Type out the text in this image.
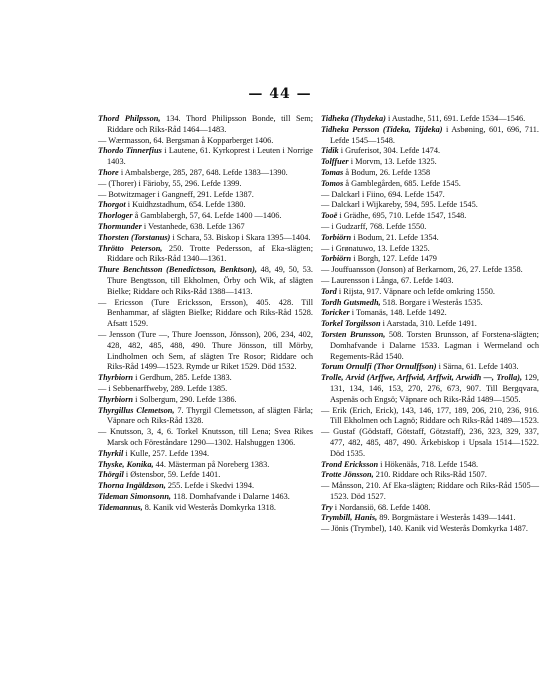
— 44 —

Thord Philpsson, 134. Thord Philipsson Bonde, till Sem; Riddare och Riks-Råd 1464—1483.

— Wærmasson, 64. Bergsman å Kopparberget 1406.

Thordo Tinnerfius i Lautene, 61. Kyrkoprest i Leuten i Norrige 1403.

Thore i Ambalsberge, 285, 287, 648. Lefde 1383—1390.

— (Thorer) i Färioby, 55, 296. Lefde 1399.

— Botwitzmager i Gangneff, 291. Lefde 1387.

Thorgot i Kuidhzstadhum, 654. Lefde 1380.

Thorloger å Gamblabergh, 57, 64. Lefde 1400 —1406.

Thormunder i Vestanhede, 638. Lefde 1367

Thorsten (Torstanus) i Schara, 53. Biskop i Skara 1395—1404.

Thrötto Peterson, 250. Trotte Pedersson, af Eka-slägten; Riddare och Riks-Råd 1340—1361.

Thure Benchtsson (Benedictsson, Benktson), 48, 49, 50, 53. Thure Bengtsson, till Ekholmen, Örby och Wik, af slägten Bielke; Riddare och Riks-Råd 1388—1413.

— Ericsson (Ture Ericksson, Ersson), 405. 428. Till Benhammar, af slägten Bielke; Riddare och Riks-Råd 1528. Afsatt 1529.

— Jensson (Ture —, Thure Joensson, Jönsson), 206, 234, 402, 428, 482, 485, 488, 490. Thure Jönsson, till Mörby, Lindholmen och Sem, af slägten Tre Rosor; Riddare och Riks-Råd 1499—1523. Rymde ur Riket 1529. Död 1532.

Thyrbiorn i Gerdhum, 285. Lefde 1383.

— i Sebbenarffweby, 289. Lefde 1385.

Thyrbiorn i Solbergum, 290. Lefde 1386.

Thyrgillus Clemetson, 7. Thyrgil Clemetsson, af slägten Färla; Väpnare och Riks-Råd 1328.

— Knutsson, 3, 4, 6. Torkel Knutsson, till Lena; Svea Rikes Marsk och Föreståndare 1290—1302. Halshuggen 1306.

Thyrkil i Kulle, 257. Lefde 1394.

Thyske, Konika, 44. Mästerman på Noreberg 1383.

Thörgil i Østensbor, 59. Lefde 1401.

Thorna Ingäldzson, 255. Lefde i Skedvi 1394.

Tideman Simonsonn, 118. Domhafvande i Dalarne 1463.

Tidemannus, 8. Kanik vid Westerås Domkyrka 1318.

Tidheka (Thydeka) i Austadhe, 511, 691. Lefde 1534—1546.

Tidheka Persson (Tideka, Tijdeka) i Asbøning, 601, 696, 711. Lefde 1545—1548.

Tidik i Gruferisot, 304. Lefde 1474.

Tolffuer i Morvm, 13. Lefde 1325.

Tomas å Bodum, 26. Lefde 1358

Tomos å Gamblegården, 685. Lefde 1545.

— Dalckarl i Fiino, 694. Lefde 1547.

— Dalckarl i Wijkareby, 594, 595. Lefde 1545.

Tooë i Grädhe, 695, 710. Lefde 1547, 1548.

— i Gudzarff, 768. Lefde 1550.

Torbiörn i Bodum, 21. Lefde 1354.

— i Grønatuwo, 13. Lefde 1325.

Torbiörn i Borgh, 127. Lefde 1479

— Jouffuansson (Jonson) af Berkarnom, 26, 27. Lefde 1358.

— Laurensson i Långa, 67. Lefde 1403.

Tord i Rijsta, 917. Väpnare och lefde omkring 1550.

Tordh Gutsmedh, 518. Borgare i Westerås 1535.

Toricker i Tomanäs, 148. Lefde 1492.

Torkel Torgilsson i Aarstada, 310. Lefde 1491.

Torsten Brunsson, 508. Torsten Brunsson, af Forstena-slägten; Domhafvande i Dalarne 1533. Lagman i Wermeland och Regements-Råd 1540.

Torum Ornulfi (Thor Ornulffson) i Särna, 61. Lefde 1403.

Trolle, Arvid (Arffwe, Arffwid, Arffwit, Arwidh —, Trolla), 129, 131, 134, 146, 153, 270, 276, 673, 907. Till Bergqvara, Aspenäs och Engsö; Väpnare och Riks-Råd 1489—1505.

— Erik (Erich, Erick), 143, 146, 177, 189, 206, 210, 236, 916. Till Ekholmen och Lagnö; Riddare och Riks-Råd 1489—1523.

— Gustaf (Gödstaff, Götstaff, Götzstaff), 236, 323, 329, 337, 477, 482, 485, 487, 490. Ärkebiskop i Upsala 1514—1522. Död 1535.

Trond Ericksson i Hökenäås, 718. Lefde 1548.

Trotte Jönsson, 210. Riddare och Riks-Råd 1507.

— Månsson, 210. Af Eka-slägten; Riddare och Riks-Råd 1505—1523. Död 1527.

Try i Nordansiö, 68. Lefde 1408.

Trymbill, Hanis, 89. Borgmästare i Westerås 1439—1441.

— Jönis (Trymbel), 140. Kanik vid Westerås Domkyrka 1487.
